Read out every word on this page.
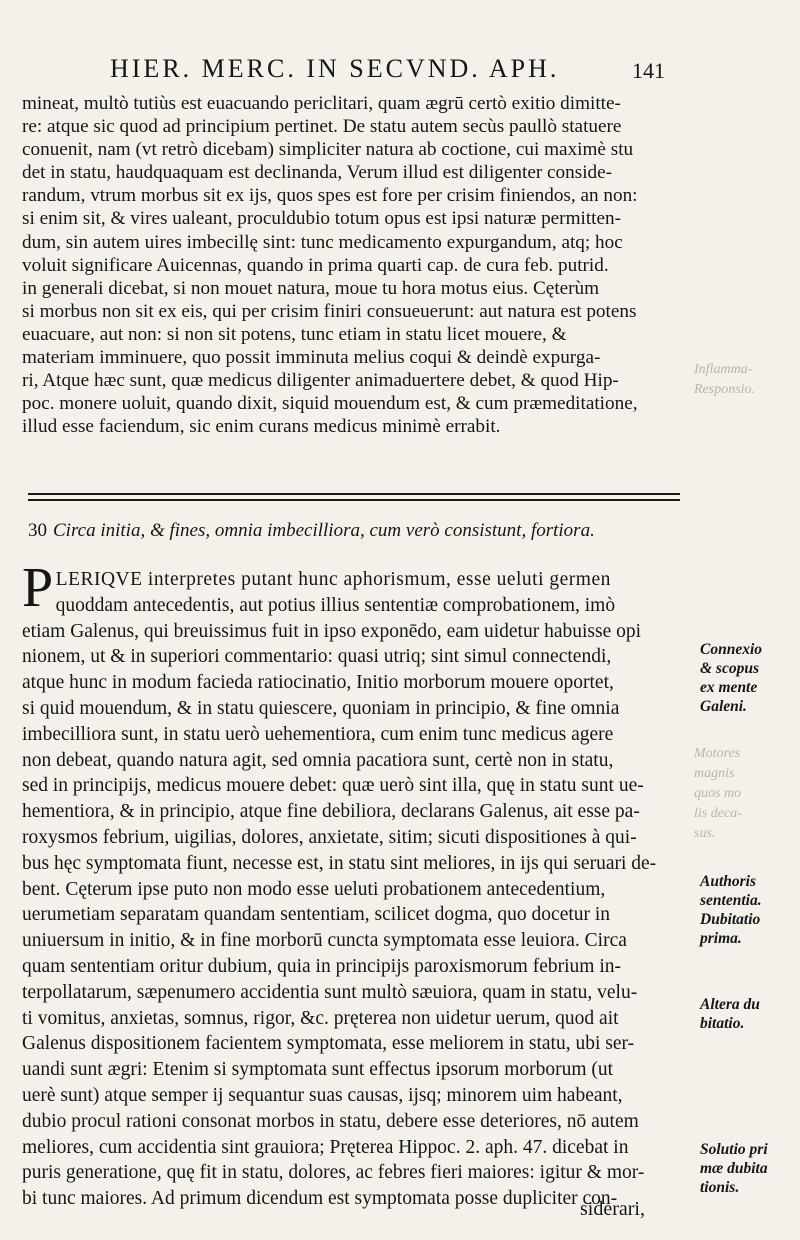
HIER. MERC. IN SECVND. APH.	141
mineat, multò tutiùs est euacuando periclitari, quam ægrū certò exitio dimitte-
re: atque sic quod ad principium pertinet. De statu autem secùs paullò statuere
conuenit, nam (vt retrò dicebam) simpliciter natura ab coctione, cui maximè stu
det in statu, haudquaquam est declinanda, Verum illud est diligenter conside-
randum, vtrum morbus sit ex ijs, quos spes est fore per crisim finiendos, an non:
si enim sit, & vires ualeant, proculdubio totum opus est ipsi naturæ permitten-
dum, sin autem uires imbecillę sint: tunc medicamento expurgandum, atq; hoc
voluit significare Auicennas, quando in prima quarti cap. de cura feb. putrid.
in generali dicebat, si non mouet natura, moue tu hora motus eius. Cęterùm
si morbus non sit ex eis, qui per crisim finiri consueuerunt: aut natura est potens
euacuare, aut non: si non sit potens, tunc etiam in statu licet mouere, &
materiam imminuere, quo possit imminuta melius coqui & deindè expurga-
ri, Atque hæc sunt, quæ medicus diligenter animaduertere debet, & quod Hip-
poc. monere uoluit, quando dixit, siquid mouendum est, & cum præmeditatione,
illud esse faciendum, sic enim curans medicus minimè errabit.
30 Circa initia, & fines, omnia imbecilliora, cum verò consistunt, fortiora.
PLERIQVE interpretes putant hunc aphorismum, esse ueluti germen
quoddam antecedentis, aut potius illius sententiæ comprobationem, imò
etiam Galenus, qui breuissimus fuit in ipso exponēdo, eam uidetur habuisse opi
nionem, ut & in superiori commentario: quasi utriq; sint simul connectendi,
atque hunc in modum facieda ratiocinatio, Initio morborum mouere oportet,
si quid mouendum, & in statu quiescere, quoniam in principio, & fine omnia
imbecilliora sunt, in statu uerò uehementiora, cum enim tunc medicus agere
non debeat, quando natura agit, sed omnia pacatiora sunt, certè non in statu,
sed in principijs, medicus mouere debet: quæ uerò sint illa, quę in statu sunt ue-
hementiora, & in principio, atque fine debiliora, declarans Galenus, ait esse pa-
roxysmos febrium, uigilias, dolores, anxietate, sitim; sicuti dispositiones à qui-
bus hęc symptomata fiunt, necesse est, in statu sint meliores, in ijs qui seruari de-
bent. Cęterum ipse puto non modo esse ueluti probationem antecedentium,
uerumetiam separatam quandam sententiam, scilicet dogma, quo docetur in
uniuersum in initio, & in fine morborū cuncta symptomata esse leuiora. Circa
quam sententiam oritur dubium, quia in principijs paroxismorum febrium in-
terpollatarum, sæpenumero accidentia sunt multò sæuiora, quam in statu, velu-
ti vomitus, anxietas, somnus, rigor, &c. pręterea non uidetur uerum, quod ait
Galenus dispositionem facientem symptomata, esse meliorem in statu, ubi ser-
uandi sunt ægri: Etenim si symptomata sunt effectus ipsorum morborum (ut
uerè sunt) atque semper ij sequantur suas causas, ijsq; minorem uim habeant,
dubio procul rationi consonat morbos in statu, debere esse deteriores, nō autem
meliores, cum accidentia sint grauiora; Pręterea Hippoc. 2. aph. 47. dicebat in
puris generatione, quę fit in statu, dolores, ac febres fieri maiores: igitur & mor-
bi tunc maiores. Ad primum dicendum est symptomata posse dupliciter con-
siderari,
Connexio
& scopus
ex mente
Galeni.
Authoris
sententia.
Dubitatio
prima.
Altera du
bitatio.
Solutio pri
mæ dubita
tionis.
Inflamma-
Responsio.
Motores
magnis
quos mo
lis deca-
sus.
